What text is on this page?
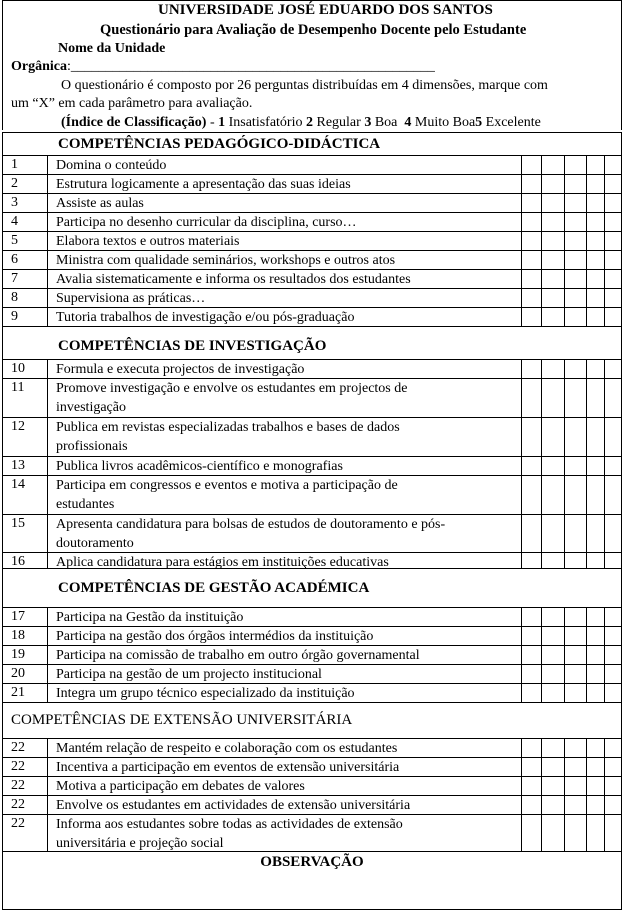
UNIVERSIDADE JOSÉ EDUARDO DOS SANTOS
Questionário para Avaliação de Desempenho Docente pelo Estudante
Nome da Unidade
Orgânica:____________________________________________________
O questionário é composto por 26 perguntas distribuídas em 4 dimensões, marque com
um “X” em cada parâmetro para avaliação.
(Índice de Classificação) - 1 Insatisfatório 2 Regular 3 Boa 4 Muito Boa5 Excelente
COMPETÊNCIAS PEDAGÓGICO-DIDÁCTICA
1	Domina o conteúdo
2	Estrutura logicamente a apresentação das suas ideias
3	Assiste as aulas
4	Participa no desenho curricular da disciplina, curso…
5	Elabora textos e outros materiais
6	Ministra com qualidade seminários, workshops e outros atos
7	Avalia sistematicamente e informa os resultados dos estudantes
8	Supervisiona as práticas…
9	Tutoria trabalhos de investigação e/ou pós-graduação
COMPETÊNCIAS DE INVESTIGAÇÃO
10	Formula e executa projectos de investigação
11	Promove investigação e envolve os estudantes em projectos de
investigação
12	Publica em revistas especializadas trabalhos e bases de dados
profissionais
13	Publica livros acadêmicos-científico e monografias
14	Participa em congressos e eventos e motiva a participação de
estudantes
15	Apresenta candidatura para bolsas de estudos de doutoramento e pós-
doutoramento
16	Aplica candidatura para estágios em instituições educativas
COMPETÊNCIAS DE GESTÃO ACADÉMICA
17	Participa na Gestão da instituição
18	Participa na gestão dos órgãos intermédios da instituição
19	Participa na comissão de trabalho em outro órgão governamental
20	Participa na gestão de um projecto institucional
21	Integra um grupo técnico especializado da instituição
COMPETÊNCIAS DE EXTENSÃO UNIVERSITÁRIA
22	Mantém relação de respeito e colaboração com os estudantes
22	Incentiva a participação em eventos de extensão universitária
22	Motiva a participação em debates de valores
22	Envolve os estudantes em actividades de extensão universitária
22	Informa aos estudantes sobre todas as actividades de extensão
universitária e projeção social
OBSERVAÇÃO
